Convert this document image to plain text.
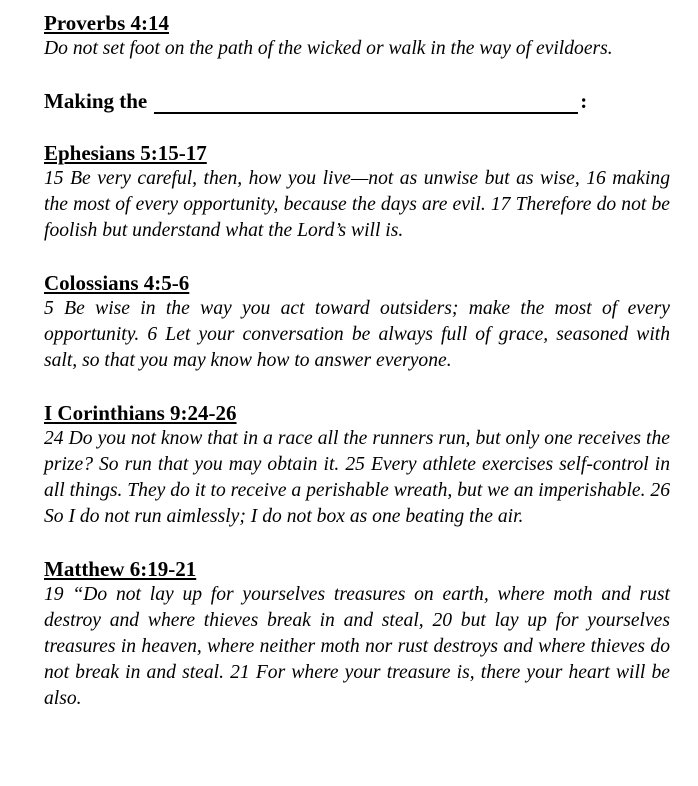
Proverbs 4:14

Do not set foot on the path of the wicked or walk in the way of evildoers.

Making the	:
Ephesians 5:15-17

15 Be very careful, then, how you live—not as unwise but as wise, 16 making the most of every opportunity, because the days are evil. 17 Therefore do not be foolish but understand what the Lord’s will is.

Colossians 4:5-6

5 Be wise in the way you act toward outsiders; make the most of every opportunity. 6 Let your conversation be always full of grace, seasoned with salt, so that you may know how to answer everyone.

I Corinthians 9:24-26

24 Do you not know that in a race all the runners run, but only one receives the prize? So run that you may obtain it. 25 Every athlete exercises self-control in all things. They do it to receive a perishable wreath, but we an imperishable. 26 So I do not run aimlessly; I do not box as one beating the air.

Matthew 6:19-21

19 “Do not lay up for yourselves treasures on earth, where moth and rust destroy and where thieves break in and steal, 20 but lay up for yourselves treasures in heaven, where neither moth nor rust destroys and where thieves do not break in and steal. 21 For where your treasure is, there your heart will be also.
